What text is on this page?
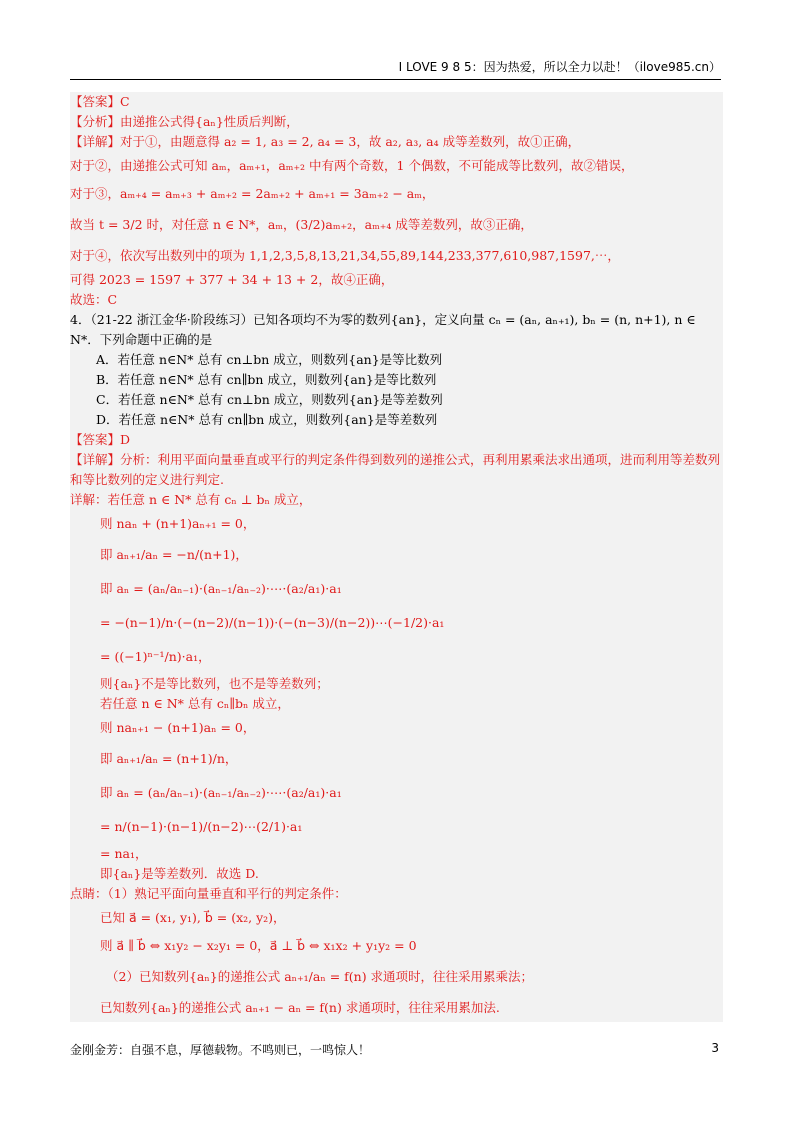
I LOVE 9 8 5：因为热爱，所以全力以赴！（ilove985.cn）
【答案】C
【分析】由递推公式得{aₙ}性质后判断，
【详解】对于①，由题意得 a₂ = 1, a₃ = 2, a₄ = 3，故 a₂, a₃, a₄ 成等差数列，故①正确，
对于②，由递推公式可知 aₘ，aₘ₊₁，aₘ₊₂ 中有两个奇数，1 个偶数，不可能成等比数列，故②错误，
对于③，aₘ₊₄ = aₘ₊₃ + aₘ₊₂ = 2aₘ₊₂ + aₘ₊₁ = 3aₘ₊₂ − aₘ，
故当 t = 3/2 时，对任意 n ∈ N*，aₘ，(3/2)aₘ₊₂，aₘ₊₄ 成等差数列，故③正确，
对于④，依次写出数列中的项为 1,1,2,3,5,8,13,21,34,55,89,144,233,377,610,987,1597,⋯，
可得 2023 = 1597 + 377 + 34 + 13 + 2，故④正确，
故选：C
4．（21-22 浙江金华·阶段练习）已知各项均不为零的数列{an}，定义向量 cₙ = (aₙ, aₙ₊₁), bₙ = (n, n+1), n ∈ N*．下列命题中正确的是
A．若任意 n∈N* 总有 cn⊥bn 成立，则数列{an}是等比数列
B．若任意 n∈N* 总有 cn∥bn 成立，则数列{an}是等比数列
C．若任意 n∈N* 总有 cn⊥bn 成立，则数列{an}是等差数列
D．若任意 n∈N* 总有 cn∥bn 成立，则数列{an}是等差数列
【答案】D
【详解】分析：利用平面向量垂直或平行的判定条件得到数列的递推公式，再利用累乘法求出通项，进而利用等差数列和等比数列的定义进行判定.
详解：若任意 n ∈ N* 总有 cₙ ⊥ bₙ 成立，
则 naₙ + (n+1)aₙ₊₁ = 0，
即 aₙ₊₁/aₙ = −n/(n+1)，
即 aₙ = (aₙ/aₙ₋₁)·(aₙ₋₁/aₙ₋₂)·⋯·(a₂/a₁)·a₁
= −(n−1)/n·(−(n−2)/(n−1))·(−(n−3)/(n−2))⋯(−1/2)·a₁
= ((−1)ⁿ⁻¹/n)·a₁，
则{aₙ}不是等比数列，也不是等差数列；
若任意 n ∈ N* 总有 cₙ∥bₙ 成立，
则 naₙ₊₁ − (n+1)aₙ = 0，
即 aₙ₊₁/aₙ = (n+1)/n，
即 aₙ = (aₙ/aₙ₋₁)·(aₙ₋₁/aₙ₋₂)·⋯·(a₂/a₁)·a₁
= n/(n−1)·(n−1)/(n−2)⋯(2/1)·a₁
= na₁，
即{aₙ}是等差数列．故选 D.
点睛：（1）熟记平面向量垂直和平行的判定条件：
已知 a⃗ = (x₁, y₁), b⃗ = (x₂, y₂)，
则 a⃗ ∥ b⃗ ⇔ x₁y₂ − x₂y₁ = 0，a⃗ ⊥ b⃗ ⇔ x₁x₂ + y₁y₂ = 0
（2）已知数列{aₙ}的递推公式 aₙ₊₁/aₙ = f(n) 求通项时，往往采用累乘法；
已知数列{aₙ}的递推公式 aₙ₊₁ − aₙ = f(n) 求通项时，往往采用累加法.
金刚金芳：自强不息，厚德载物。不鸣则已，一鸣惊人！	3
